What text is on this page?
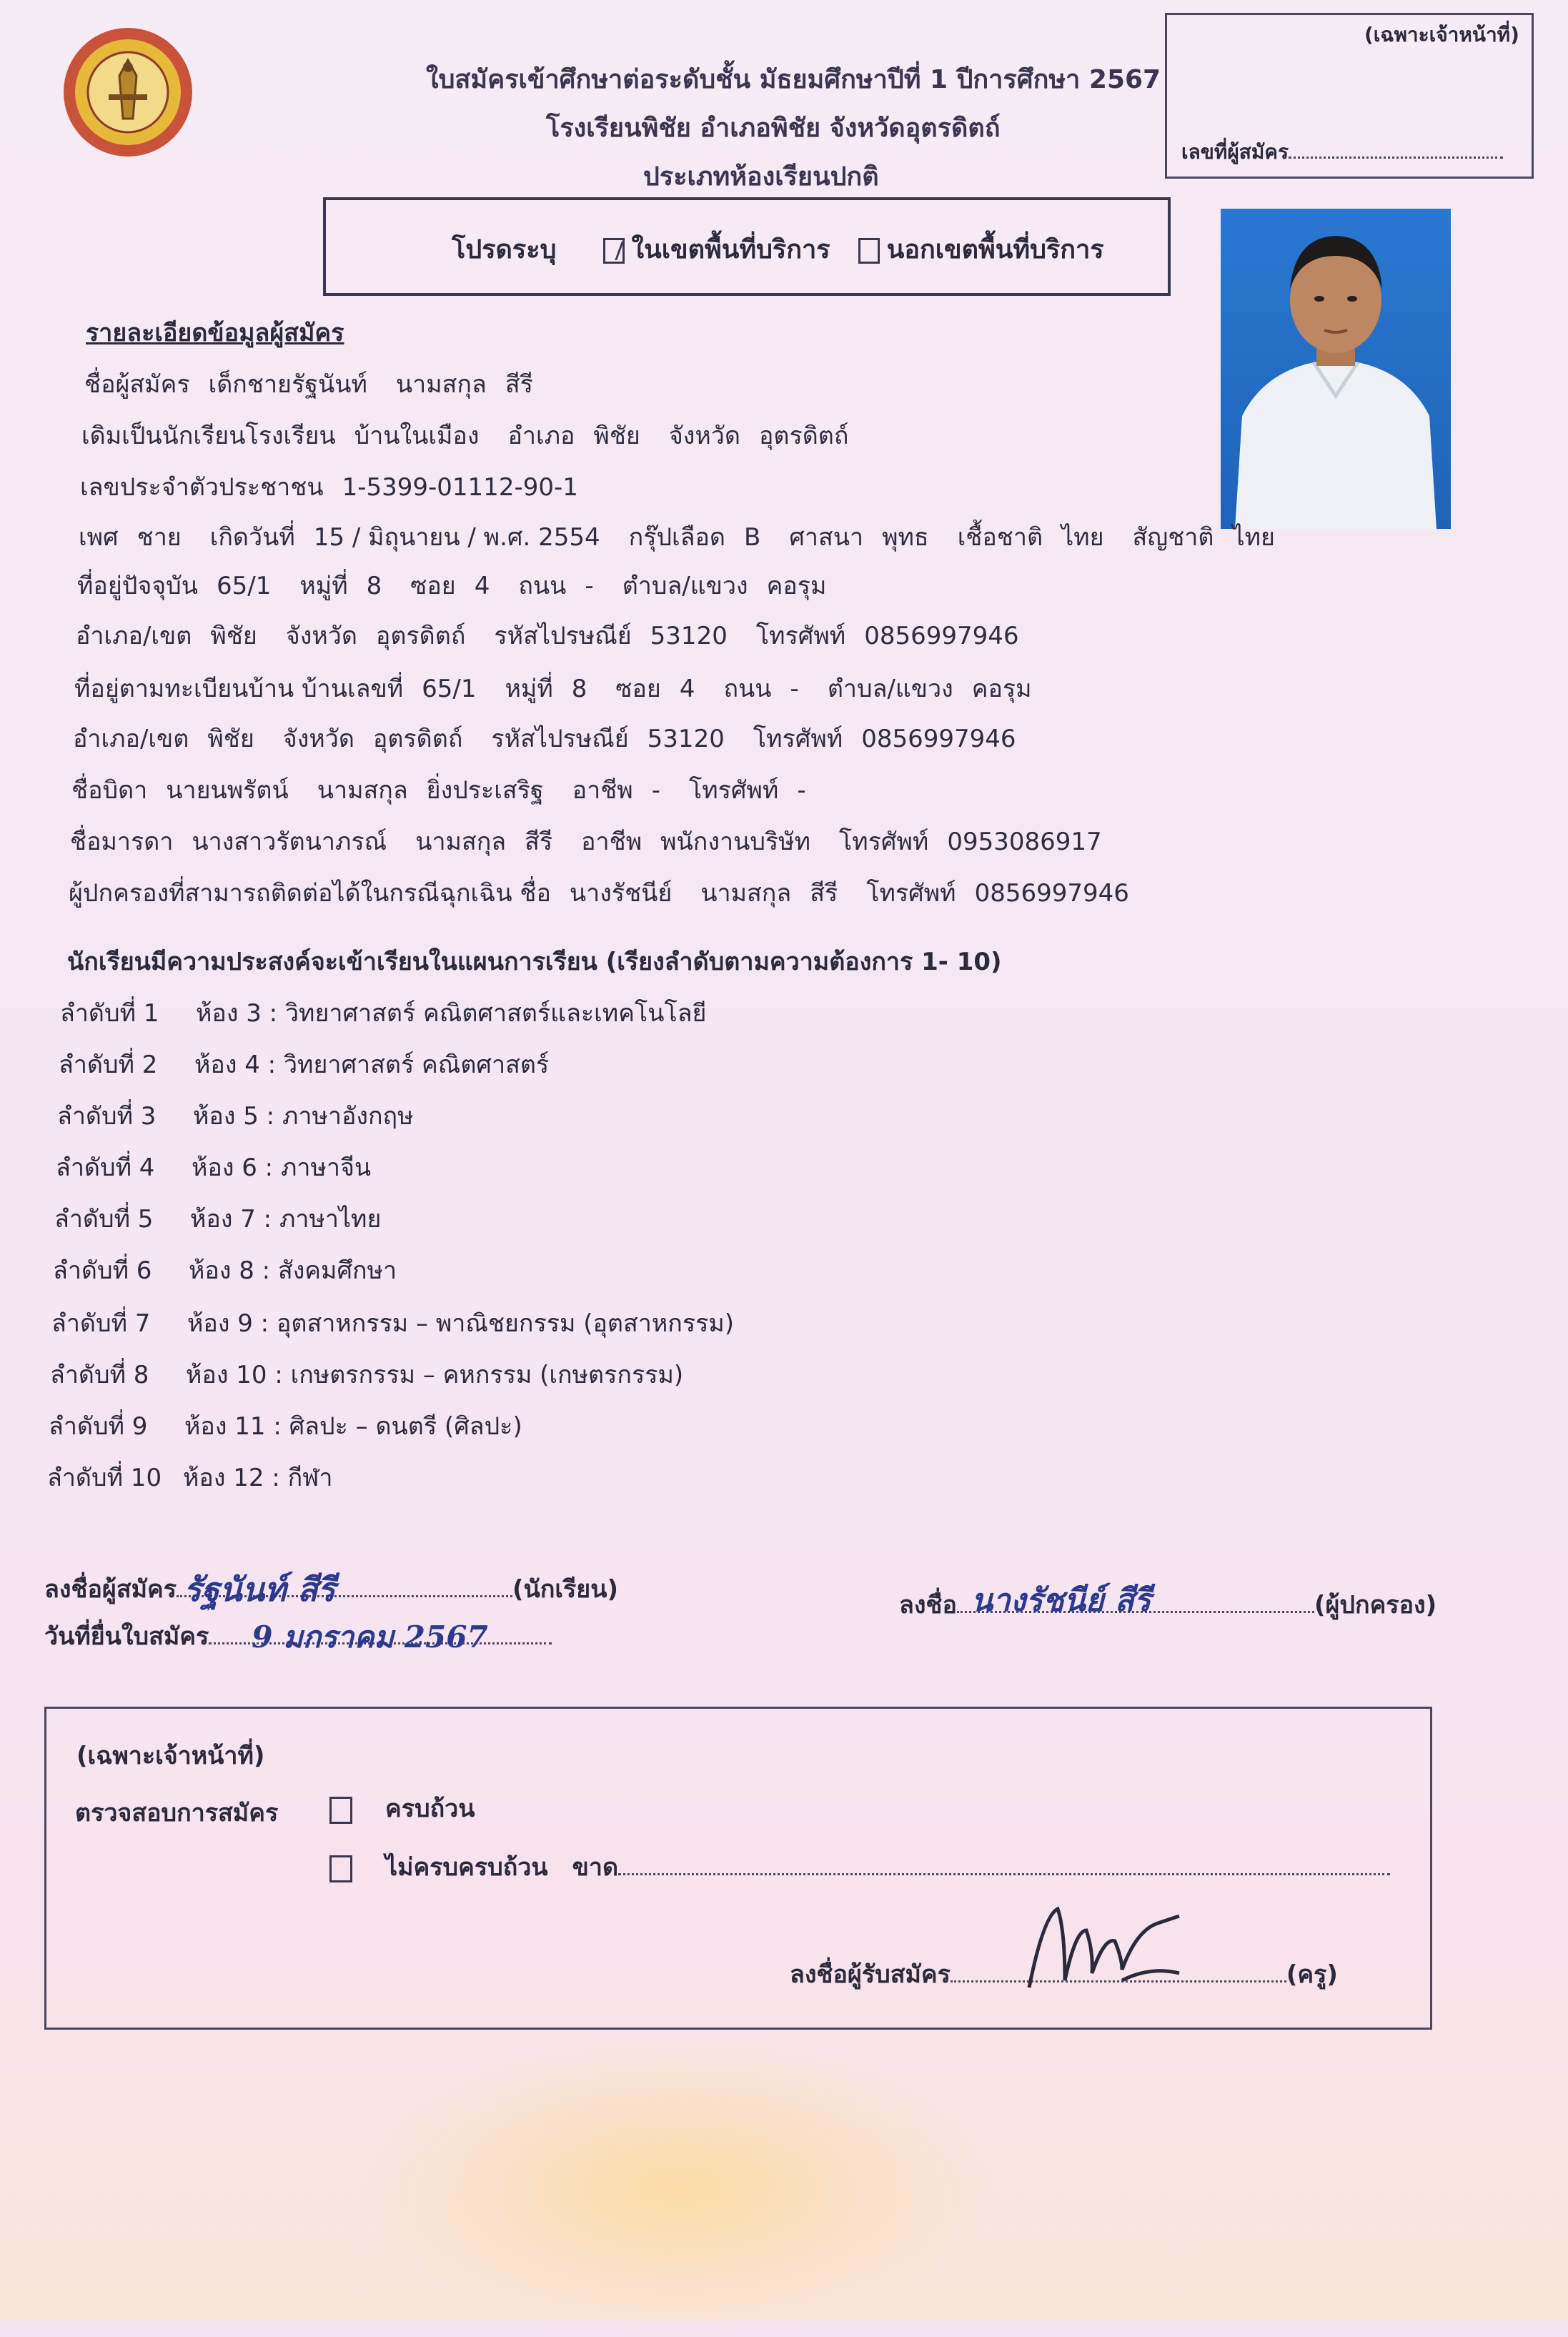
ใบสมัครเข้าศึกษาต่อระดับชั้น มัธยมศึกษาปีที่ 1 ปีการศึกษา 2567
โรงเรียนพิชัย อำเภอพิชัย จังหวัดอุตรดิตถ์
ประเภทห้องเรียนปกติ
(เฉพาะเจ้าหน้าที่)
เลขที่ผู้สมัคร
โปรดระบุ	ในเขตพื้นที่บริการ นอกเขตพื้นที่บริการ
รายละเอียดข้อมูลผู้สมัคร
ชื่อผู้สมัคร เด็กชายรัฐนันท์ นามสกุล สีรี
เดิมเป็นนักเรียนโรงเรียน บ้านในเมือง อำเภอ พิชัย จังหวัด อุตรดิตถ์
เลขประจำตัวประชาชน 1-5399-01112-90-1
เพศ ชาย เกิดวันที่ 15 / มิถุนายน / พ.ศ. 2554 กรุ๊ปเลือด B ศาสนา พุทธ เชื้อชาติ ไทย สัญชาติ ไทย
ที่อยู่ปัจจุบัน 65/1 หมู่ที่ 8 ซอย 4 ถนน - ตำบล/แขวง คอรุม
อำเภอ/เขต พิชัย จังหวัด อุตรดิตถ์ รหัสไปรษณีย์ 53120 โทรศัพท์ 0856997946
ที่อยู่ตามทะเบียนบ้าน บ้านเลขที่ 65/1 หมู่ที่ 8 ซอย 4 ถนน - ตำบล/แขวง คอรุม
อำเภอ/เขต พิชัย จังหวัด อุตรดิตถ์ รหัสไปรษณีย์ 53120 โทรศัพท์ 0856997946
ชื่อบิดา นายนพรัตน์ นามสกุล ยิ่งประเสริฐ อาชีพ - โทรศัพท์ -
ชื่อมารดา นางสาวรัตนาภรณ์ นามสกุล สีรี อาชีพ พนักงานบริษัท โทรศัพท์ 0953086917
ผู้ปกครองที่สามารถติดต่อได้ในกรณีฉุกเฉิน ชื่อ นางรัชนีย์ นามสกุล สีรี โทรศัพท์ 0856997946
นักเรียนมีความประสงค์จะเข้าเรียนในแผนการเรียน (เรียงลำดับตามความต้องการ 1- 10)
ลำดับที่ 1 ห้อง 3 : วิทยาศาสตร์ คณิตศาสตร์และเทคโนโลยี
ลำดับที่ 2 ห้อง 4 : วิทยาศาสตร์ คณิตศาสตร์
ลำดับที่ 3 ห้อง 5 : ภาษาอังกฤษ
ลำดับที่ 4 ห้อง 6 : ภาษาจีน
ลำดับที่ 5 ห้อง 7 : ภาษาไทย
ลำดับที่ 6 ห้อง 8 : สังคมศึกษา
ลำดับที่ 7 ห้อง 9 : อุตสาหกรรม – พาณิชยกรรม (อุตสาหกรรม)
ลำดับที่ 8 ห้อง 10 : เกษตรกรรม – คหกรรม (เกษตรกรรม)
ลำดับที่ 9 ห้อง 11 : ศิลปะ – ดนตรี (ศิลปะ)
ลำดับที่ 10 ห้อง 12 : กีฬา
ลงชื่อผู้สมัคร รัฐนันท์ สีรี	(นักเรียน)
วันที่ยื่นใบสมัคร 9 มกราคม 2567
ลงชื่อ นางรัชนีย์ สีรี	(ผู้ปกครอง)
(เฉพาะเจ้าหน้าที่)
ตรวจสอบการสมัคร	ครบถ้วน
ไม่ครบครบถ้วน ขาด
ลงชื่อผู้รับสมัคร	(ครู)
